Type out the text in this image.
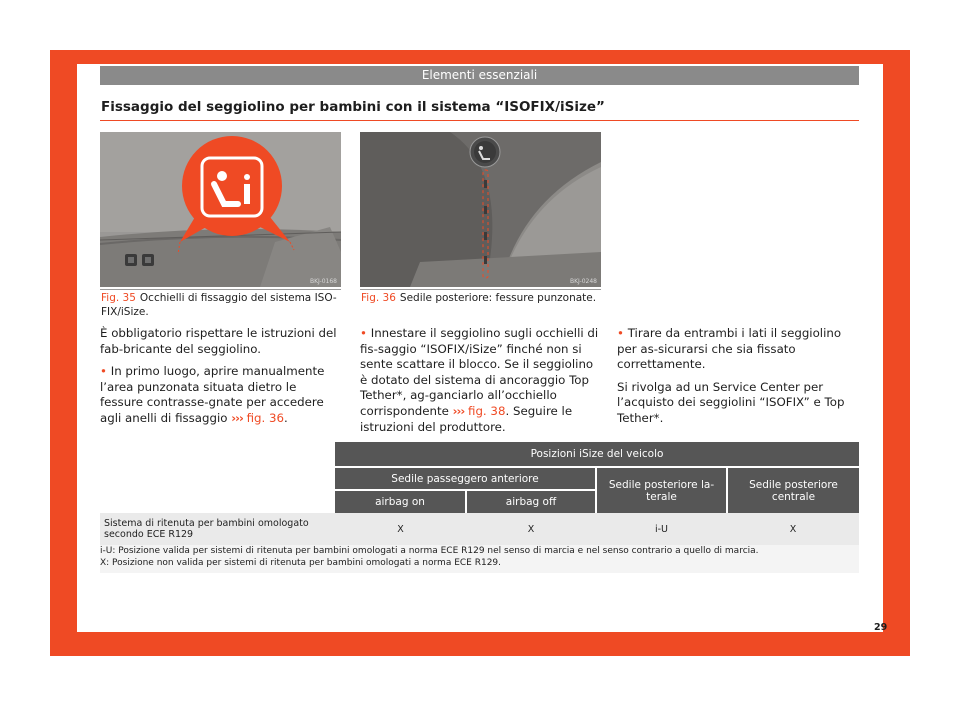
Elementi essenziali
Fissaggio del seggiolino per bambini con il sistema “ISOFIX/iSize”
BKJ-0168
Fig. 35 Occhielli di fissaggio del sistema ISO-FIX/iSize.
BKJ-0248
Fig. 36 Sedile posteriore: fessure punzonate.

È obbligatorio rispettare le istruzioni del fab-bricante del seggiolino.

• In primo luogo, aprire manualmente l’area punzonata situata dietro le fessure contrasse-gnate per accedere agli anelli di fissaggio ››› fig. 36.

• Innestare il seggiolino sugli occhielli di fis-saggio “ISOFIX/iSize” finché non si sente scattare il blocco. Se il seggiolino è dotato del sistema di ancoraggio Top Tether*, ag-ganciarlo all’occhiello corrispondente ››› fig. 38. Seguire le istruzioni del produttore.

• Tirare da entrambi i lati il seggiolino per as-sicurarsi che sia fissato correttamente.

Si rivolga ad un Service Center per l’acquisto dei seggiolini “ISOFIX” e Top Tether*.

	Posizioni iSize del veicolo			
	Sedile passeggero anteriore		Sedile posteriore la-terale	Sedile posteriore centrale
	airbag on	airbag off		
Sistema di ritenuta per bambini omologato secondo ECE R129	X	X	i-U	X

i-U: Posizione valida per sistemi di ritenuta per bambini omologati a norma ECE R129 nel senso di marcia e nel senso contrario a quello di marcia.
X: Posizione non valida per sistemi di ritenuta per bambini omologati a norma ECE R129.				
29
